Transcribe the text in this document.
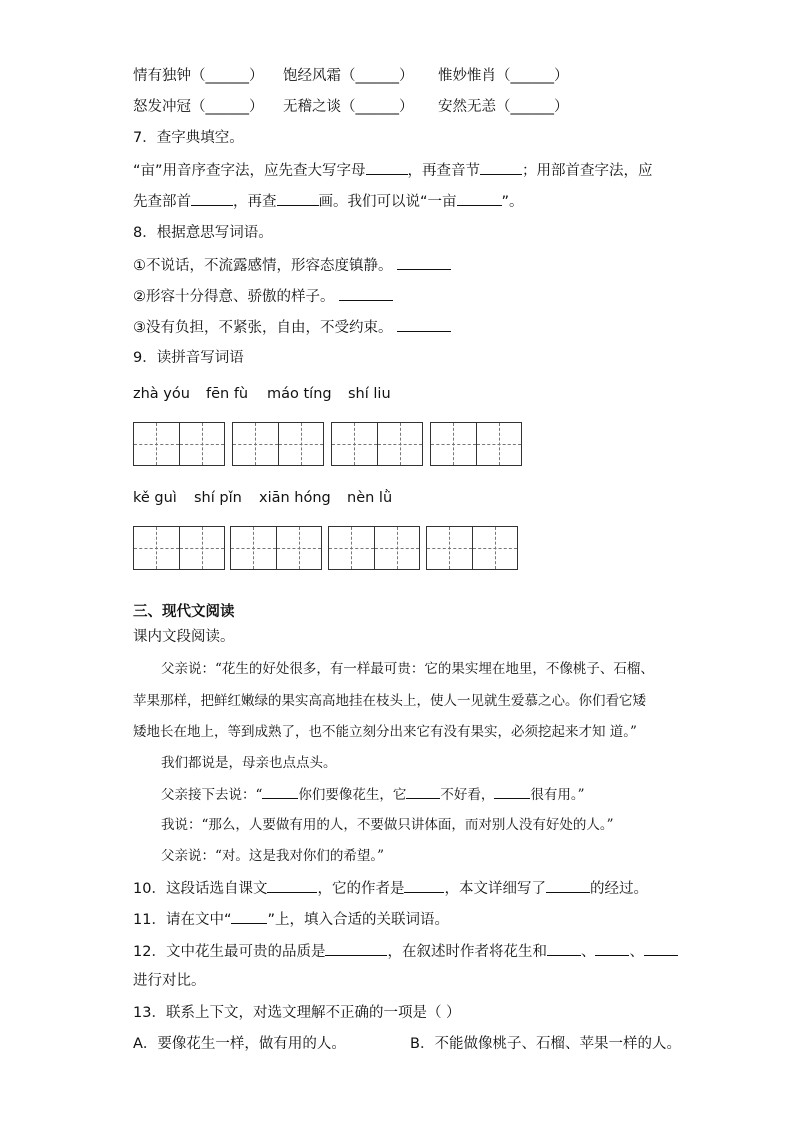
情有独钟（______） 饱经风霜（______） 惟妙惟肖（______）
怒发冲冠（______） 无稽之谈（______） 安然无恙（______）
7．查字典填空。
“亩”用音序查字法，应先查大写字母	，再查音节	；用部首查字法，应
先查部首	，再查	画。我们可以说“一亩	”。
8．根据意思写词语。
①不说话，不流露感情，形容态度镇静。
②形容十分得意、骄傲的样子。
③没有负担，不紧张，自由，不受约束。
9．读拼音写词语
zhà yóu fēn fù máo tíng shí liu
kě guì shí pǐn xiān hóng nèn lǜ
三、现代文阅读
课内文段阅读。
父亲说：“花生的好处很多，有一样最可贵：它的果实埋在地里，不像桃子、石榴、
苹果那样，把鲜红嫩绿的果实高高地挂在枝头上，使人一见就生爱慕之心。你们看它矮
矮地长在地上，等到成熟了，也不能立刻分出来它有没有果实，必须挖起来才知 道。”
我们都说是，母亲也点点头。
父亲接下去说：“	你们要像花生，它	不好看，	很有用。”
我说：“那么，人要做有用的人，不要做只讲体面，而对别人没有好处的人。”
父亲说：“对。这是我对你们的希望。”
10．这段话选自课文	，它的作者是	，本文详细写了	的经过。
11．请在文中“ ”上，填入合适的关联词语。
12．文中花生最可贵的品质是	，在叙述时作者将花生和 、 、
进行对比。
13．联系上下文，对选文理解不正确的一项是（ ）
A．要像花生一样，做有用的人。	B．不能做像桃子、石榴、苹果一样的人。
